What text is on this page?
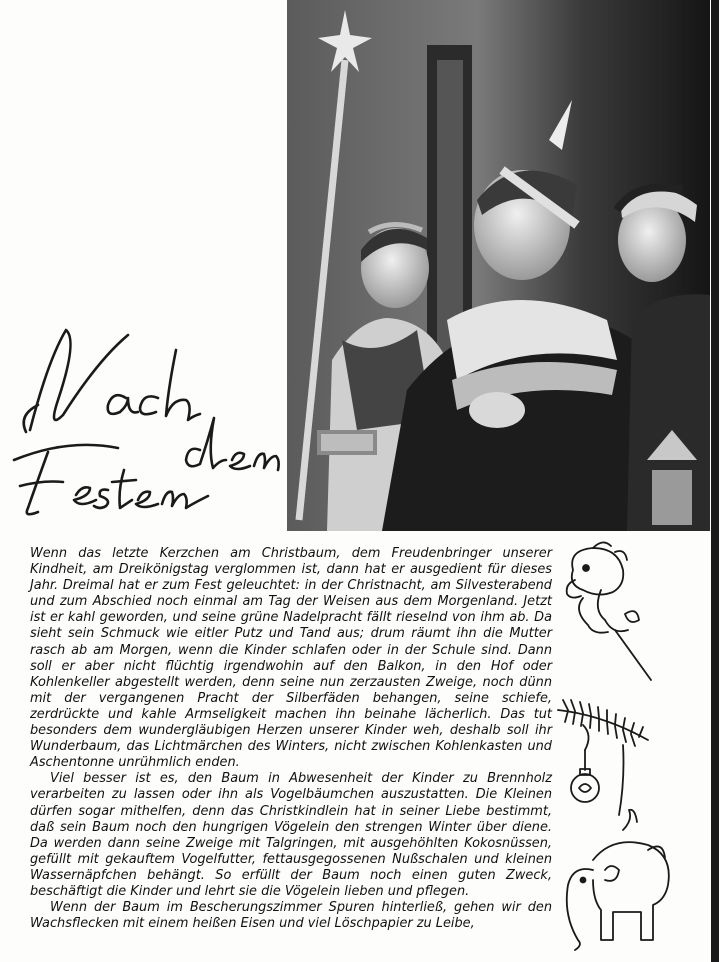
Wenn das letzte Kerzchen am Christbaum, dem Freudenbringer unserer Kindheit, am Dreikönigstag verglommen ist, dann hat er ausgedient für dieses Jahr. Dreimal hat er zum Fest geleuchtet: in der Christnacht, am Silvesterabend und zum Abschied noch einmal am Tag der Weisen aus dem Morgenland. Jetzt ist er kahl geworden, und seine grüne Nadelpracht fällt rieselnd von ihm ab. Da sieht sein Schmuck wie eitler Putz und Tand aus; drum räumt ihn die Mutter rasch ab am Morgen, wenn die Kinder schlafen oder in der Schule sind. Dann soll er aber nicht flüchtig irgendwohin auf den Balkon, in den Hof oder Kohlenkeller abgestellt werden, denn seine nun zerzausten Zweige, noch dünn mit der vergangenen Pracht der Silberfäden behangen, seine schiefe, zerdrückte und kahle Armseligkeit machen ihn beinahe lächerlich. Das tut besonders dem wundergläubigen Herzen unserer Kinder weh, deshalb soll ihr Wunderbaum, das Lichtmärchen des Winters, nicht zwischen Kohlenkasten und Aschentonne unrühmlich enden.

Viel besser ist es, den Baum in Abwesenheit der Kinder zu Brennholz verarbeiten zu lassen oder ihn als Vogelbäumchen auszustatten. Die Kleinen dürfen sogar mithelfen, denn das Christkindlein hat in seiner Liebe bestimmt, daß sein Baum noch den hungrigen Vögelein den strengen Winter über diene. Da werden dann seine Zweige mit Talgringen, mit ausgehöhlten Kokosnüssen, gefüllt mit gekauftem Vogelfutter, fettausgegossenen Nußschalen und kleinen Wassernäpfchen behängt. So erfüllt der Baum noch einen guten Zweck, beschäftigt die Kinder und lehrt sie die Vögelein lieben und pflegen.

Wenn der Baum im Bescherungszimmer Spuren hinterließ, gehen wir den Wachsflecken mit einem heißen Eisen und viel Löschpapier zu Leibe,
